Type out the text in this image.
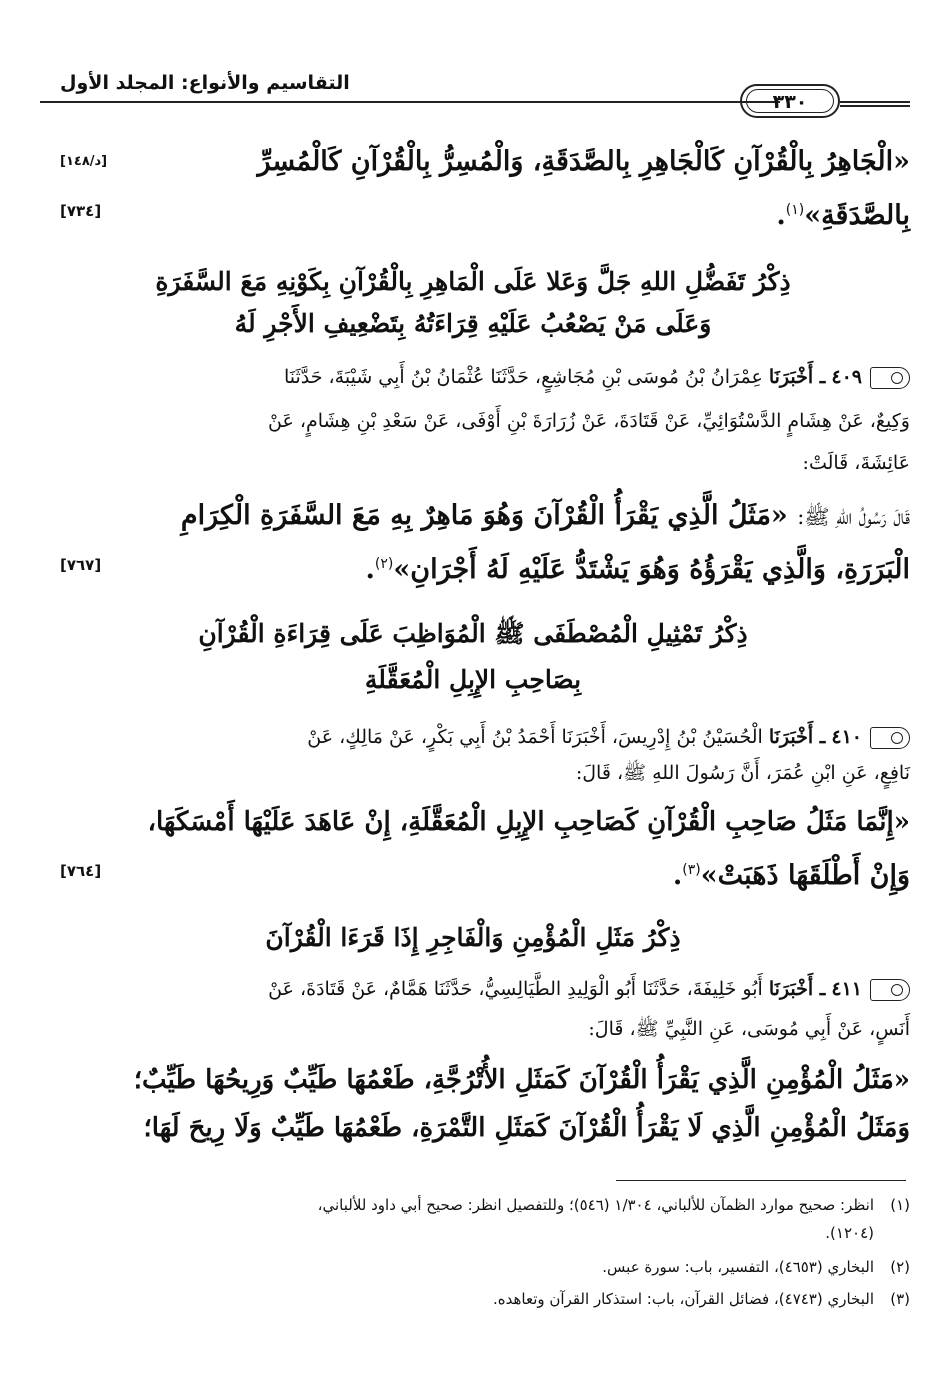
التقاسيم والأنواع: المجلد الأول
٣٣٠
«الْجَاهِرُ بِالْقُرْآنِ كَالْجَاهِرِ بِالصَّدَقَةِ، وَالْمُسِرُّ بِالْقُرْآنِ كَالْمُسِرِّ
[د/١٤٨]
بِالصَّدَقَةِ»$^{(١)}$.
[٧٣٤]
ذِكْرُ تَفَضُّلِ اللهِ جَلَّ وَعَلا عَلَى الْمَاهِرِ بِالْقُرْآنِ بِكَوْنِهِ مَعَ السَّفَرَةِ
وَعَلَى مَنْ يَصْعُبُ عَلَيْهِ قِرَاءَتُهُ بِتَضْعِيفِ الأَجْرِ لَهُ
٤٠٩ ـ أَخْبَرَنَا عِمْرَانُ بْنُ مُوسَى بْنِ مُجَاشِعٍ، حَدَّثَنَا عُثْمَانُ بْنُ أَبِي شَيْبَةَ، حَدَّثَنَا
وَكِيعٌ، عَنْ هِشَامٍ الدَّسْتُوَائِيِّ، عَنْ قَتَادَةَ، عَنْ زُرَارَةَ بْنِ أَوْفَى، عَنْ سَعْدِ بْنِ هِشَامٍ، عَنْ
عَائِشَةَ، قَالَتْ:
قَالَ رَسُولُ اللهِ ﷺ: «مَثَلُ الَّذِي يَقْرَأُ الْقُرْآنَ وَهُوَ مَاهِرٌ بِهِ مَعَ السَّفَرَةِ الْكِرَامِ
الْبَرَرَةِ، وَالَّذِي يَقْرَؤُهُ وَهُوَ يَشْتَدُّ عَلَيْهِ لَهُ أَجْرَانِ»$^{(٢)}$.
[٧٦٧]
ذِكْرُ تَمْثِيلِ الْمُصْطَفَى ﷺ الْمُوَاظِبَ عَلَى قِرَاءَةِ الْقُرْآنِ
بِصَاحِبِ الإِبِلِ الْمُعَقَّلَةِ
٤١٠ ـ أَخْبَرَنَا الْحُسَيْنُ بْنُ إِدْرِيسَ، أَخْبَرَنَا أَحْمَدُ بْنُ أَبِي بَكْرٍ، عَنْ مَالِكٍ، عَنْ
نَافِعٍ، عَنِ ابْنِ عُمَرَ، أَنَّ رَسُولَ اللهِ ﷺ، قَالَ:
«إِنَّمَا مَثَلُ صَاحِبِ الْقُرْآنِ كَصَاحِبِ الإِبِلِ الْمُعَقَّلَةِ، إِنْ عَاهَدَ عَلَيْهَا أَمْسَكَهَا،
وَإِنْ أَطْلَقَهَا ذَهَبَتْ»$^{(٣)}$.
[٧٦٤]
ذِكْرُ مَثَلِ الْمُؤْمِنِ وَالْفَاجِرِ إِذَا قَرَءَا الْقُرْآنَ
٤١١ ـ أَخْبَرَنَا أَبُو خَلِيفَةَ، حَدَّثَنَا أَبُو الْوَلِيدِ الطَّيَالِسِيُّ، حَدَّثَنَا هَمَّامٌ، عَنْ قَتَادَةَ، عَنْ
أَنَسٍ، عَنْ أَبِي مُوسَى، عَنِ النَّبِيِّ ﷺ، قَالَ:
«مَثَلُ الْمُؤْمِنِ الَّذِي يَقْرَأُ الْقُرْآنَ كَمَثَلِ الأُتْرُجَّةِ، طَعْمُهَا طَيِّبٌ وَرِيحُهَا طَيِّبٌ؛
وَمَثَلُ الْمُؤْمِنِ الَّذِي لَا يَقْرَأُ الْقُرْآنَ كَمَثَلِ التَّمْرَةِ، طَعْمُهَا طَيِّبٌ وَلَا رِيحَ لَهَا؛
(١)انظر: صحيح موارد الظمآن للألباني، ١/٣٠٤ (٥٤٦)؛ وللتفصيل انظر: صحيح أبي داود للألباني،
(١٢٠٤).
(٢)البخاري (٤٦٥٣)، التفسير، باب: سورة عبس.
(٣)البخاري (٤٧٤٣)، فضائل القرآن، باب: استذكار القرآن وتعاهده.
